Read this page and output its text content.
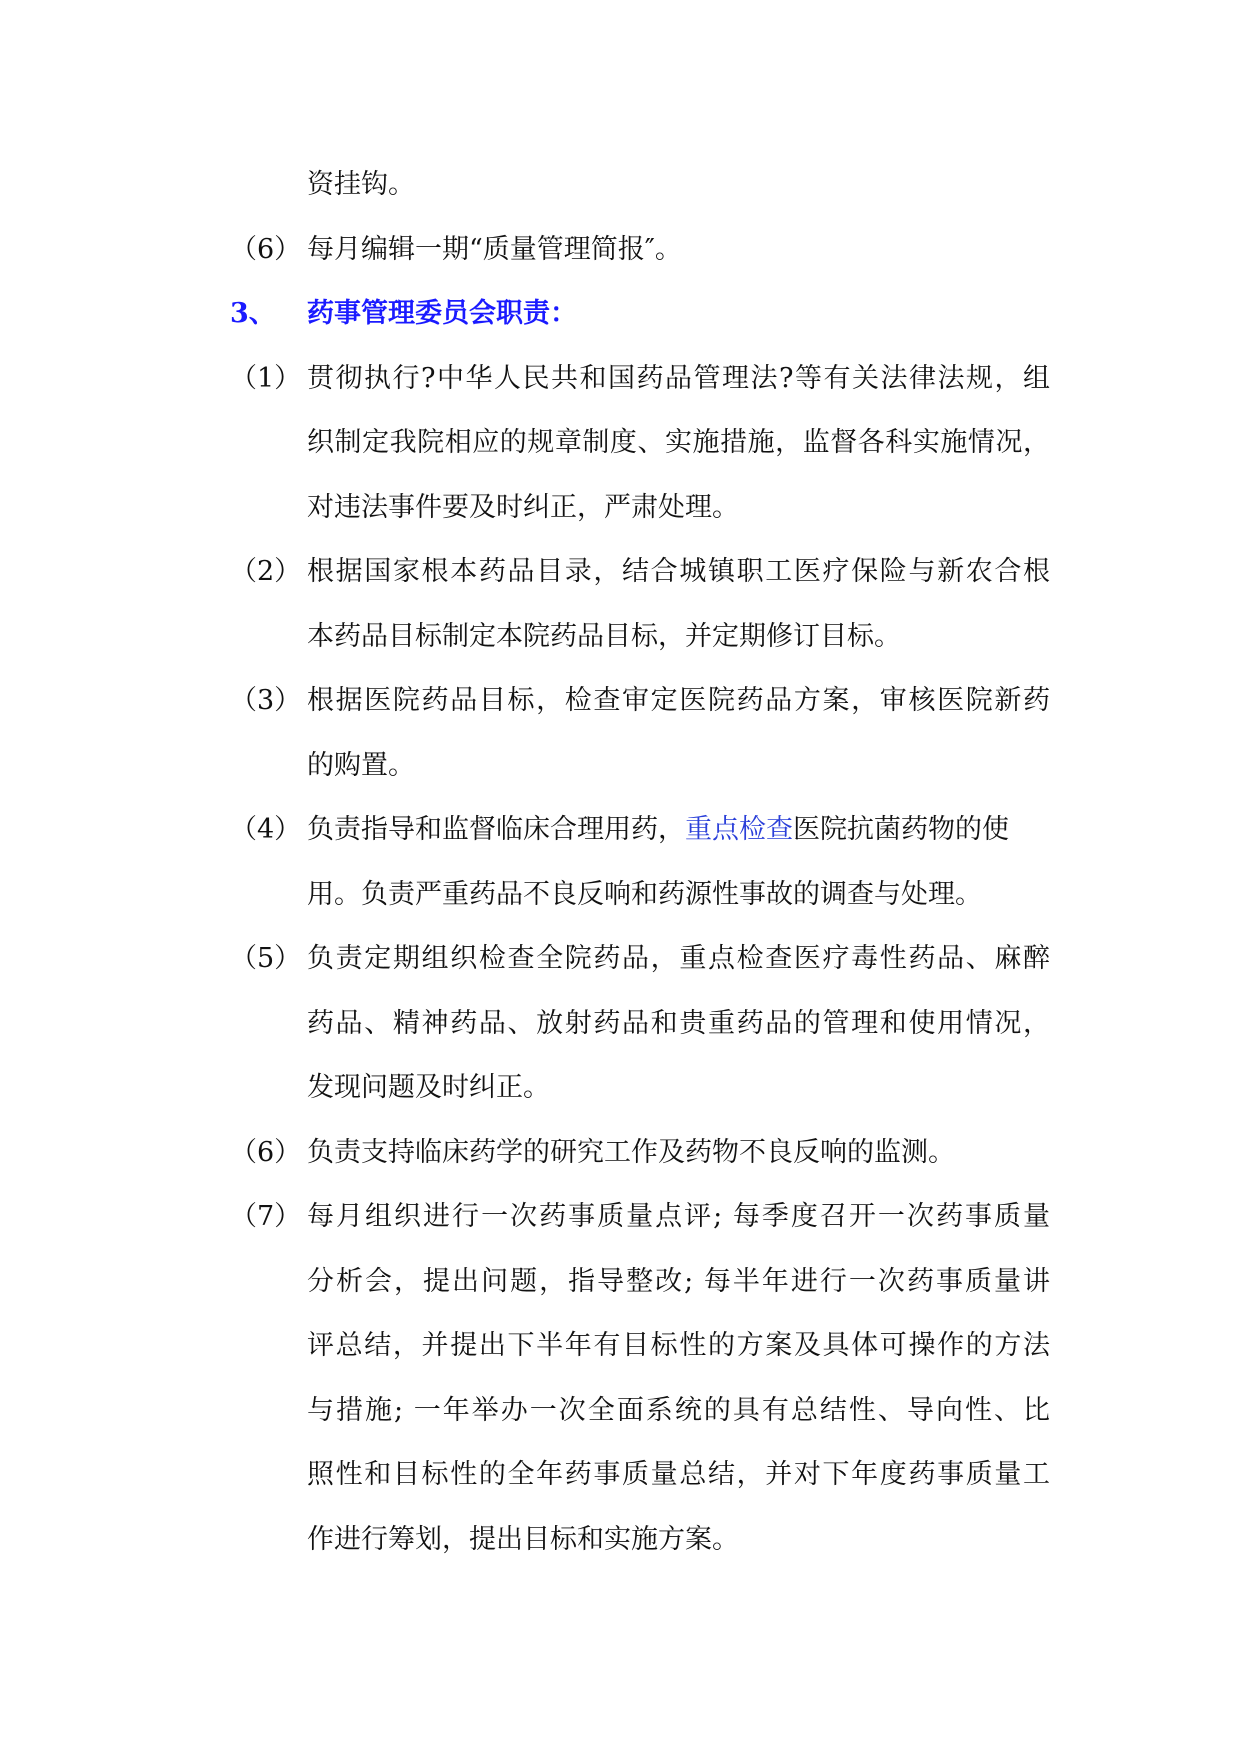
资挂钩。
（6） 每月编辑一期“质量管理简报″。
3、 药事管理委员会职责：
（1） 贯彻执行?中华人民共和国药品管理法?等有关法律法规，组
织制定我院相应的规章制度、实施措施，监督各科实施情况，
对违法事件要及时纠正，严肃处理。
（2） 根据国家根本药品目录，结合城镇职工医疗保险与新农合根
本药品目标制定本院药品目标，并定期修订目标。
（3） 根据医院药品目标，检查审定医院药品方案，审核医院新药
的购置。
（4） 负责指导和监督临床合理用药，重点检查医院抗菌药物的使
用。负责严重药品不良反响和药源性事故的调查与处理。
（5） 负责定期组织检查全院药品，重点检查医疗毒性药品、麻醉
药品、精神药品、放射药品和贵重药品的管理和使用情况，
发现问题及时纠正。
（6） 负责支持临床药学的研究工作及药物不良反响的监测。
（7） 每月组织进行一次药事质量点评; 每季度召开一次药事质量
分析会，提出问题，指导整改; 每半年进行一次药事质量讲
评总结，并提出下半年有目标性的方案及具体可操作的方法
与措施; 一年举办一次全面系统的具有总结性、导向性、比
照性和目标性的全年药事质量总结，并对下年度药事质量工
作进行筹划，提出目标和实施方案。
